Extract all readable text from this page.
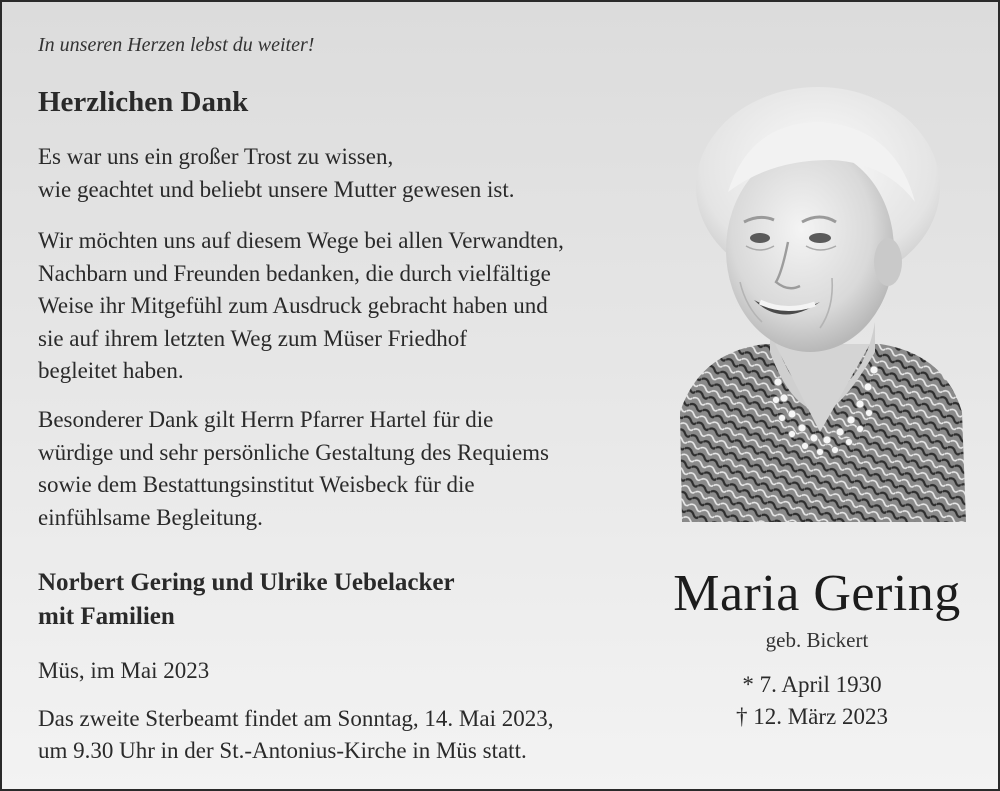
In unseren Herzen lebst du weiter!
Herzlichen Dank
Es war uns ein großer Trost zu wissen,
wie geachtet und beliebt unsere Mutter gewesen ist.
Wir möchten uns auf diesem Wege bei allen Verwandten,
Nachbarn und Freunden bedanken, die durch vielfältige
Weise ihr Mitgefühl zum Ausdruck gebracht haben und
sie auf ihrem letzten Weg zum Müser Friedhof
begleitet haben.
Besonderer Dank gilt Herrn Pfarrer Hartel für die
würdige und sehr persönliche Gestaltung des Requiems
sowie dem Bestattungsinstitut Weisbeck für die
einfühlsame Begleitung.
Norbert Gering und Ulrike Uebelacker
mit Familien
Müs, im Mai 2023
Das zweite Sterbeamt findet am Sonntag, 14. Mai 2023,
um 9.30 Uhr in der St.-Antonius-Kirche in Müs statt.
Maria Gering
geb. Bickert
* 7. April 1930
† 12. März 2023
